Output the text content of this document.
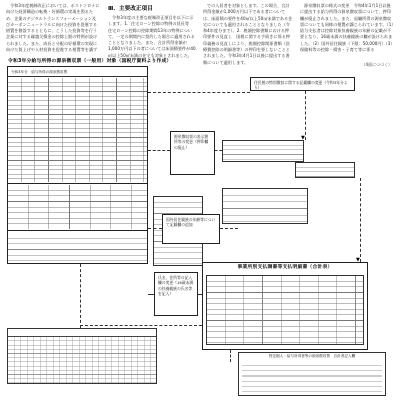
令和3年度税制改正においては、ポストコロナに向けた経済構造の転換・好循環の実現を図るため、企業のデジタルトランスフォーメーション及びカーボンニュートラルに向けた投資を促進する措置を創設するとともに、こうした投資等を行う企業に対する繰越欠損金の控除上限の特例が設けられました。また、成長と分配の好循環の実現に向けた賃上げや人材投資を促進する措置等を講ず

Ⅲ．主要改正項目

令和3年度の主要な税制改正項目を以下に示します。1．住宅ローン控除の特例の延長等　住宅ローン控除の控除期間13年の特例について、一定の期間内に契約した場合に適用されることとなりました。また、合計所得金額が1,000万円以下の者については床面積要件が40㎡以上50㎡未満の住宅も対象とされました。

での入居者を対象とします。この場合、合計所得金額が1,000万円以下である者については、床面積の要件を40㎡以上50㎡未満である住宅についても適用されることとなりました（令和4年度分まで）。2．税額控除書類における押印要件の見直し　国税に関する手続きに係る押印義務の見直しにより、税額控除関係書類（医療費控除の明細書等）の押印を要しないこととされました。令和3年4月1日以後に提出する書類について適用します。

源泉徴収票の様式の変更　令和4年1月1日以後に提出する給与所得の源泉徴収票について、押印欄が廃止されました。また、退職所得の源泉徴収票についても同様の措置が講じられています。（1）給与支払者は控除対象扶養親族の年齢の記載が不要となり、16歳未満の扶養親族の欄が設けられました。（2）国外居住親族（下限：50,000円）（3）保険料等の控除・損害・子育て等に係る

（4面につづく）
令和3年分給与所得の源泉徴収票（一般用）対象（国税庁資料より作成）
令和3年分　給与所得の源泉徴収票
事業所別支払調書等支払明細書（合計表）
特定個人・給与所得者等の源泉徴収票　自計者記入欄
住民税の特別徴収に関する記載欄の変更（令和3年分より）
源泉徴収票の表示箇所等の変更（押印欄の廃止）
国外居住親族の年齢等について記載欄の追加
氏名、住所等の記入欄の変更（16歳未満の扶養親族の氏名等を記入）
▼
▼
